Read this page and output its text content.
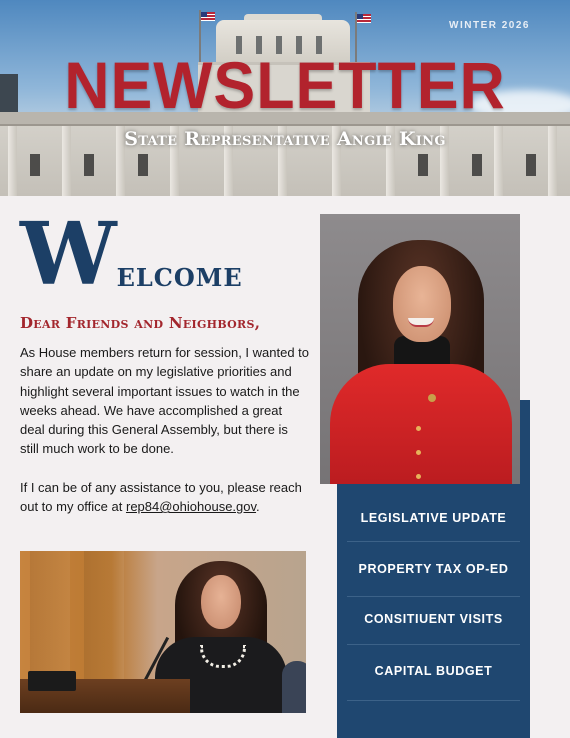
WINTER 2026
NEWSLETTER
State Representative Angie King
Welcome
Dear Friends and Neighbors,

As House members return for session, I wanted to share an update on my legislative priorities and highlight several important issues to watch in the weeks ahead. We have accomplished a great deal during this General Assembly, but there is still much work to be done.

If I can be of any assistance to you, please reach out to my office at rep84@ohiohouse.gov.

LEGISLATIVE UPDATE
PROPERTY TAX OP-ED
CONSITIUENT VISITS
CAPITAL BUDGET
